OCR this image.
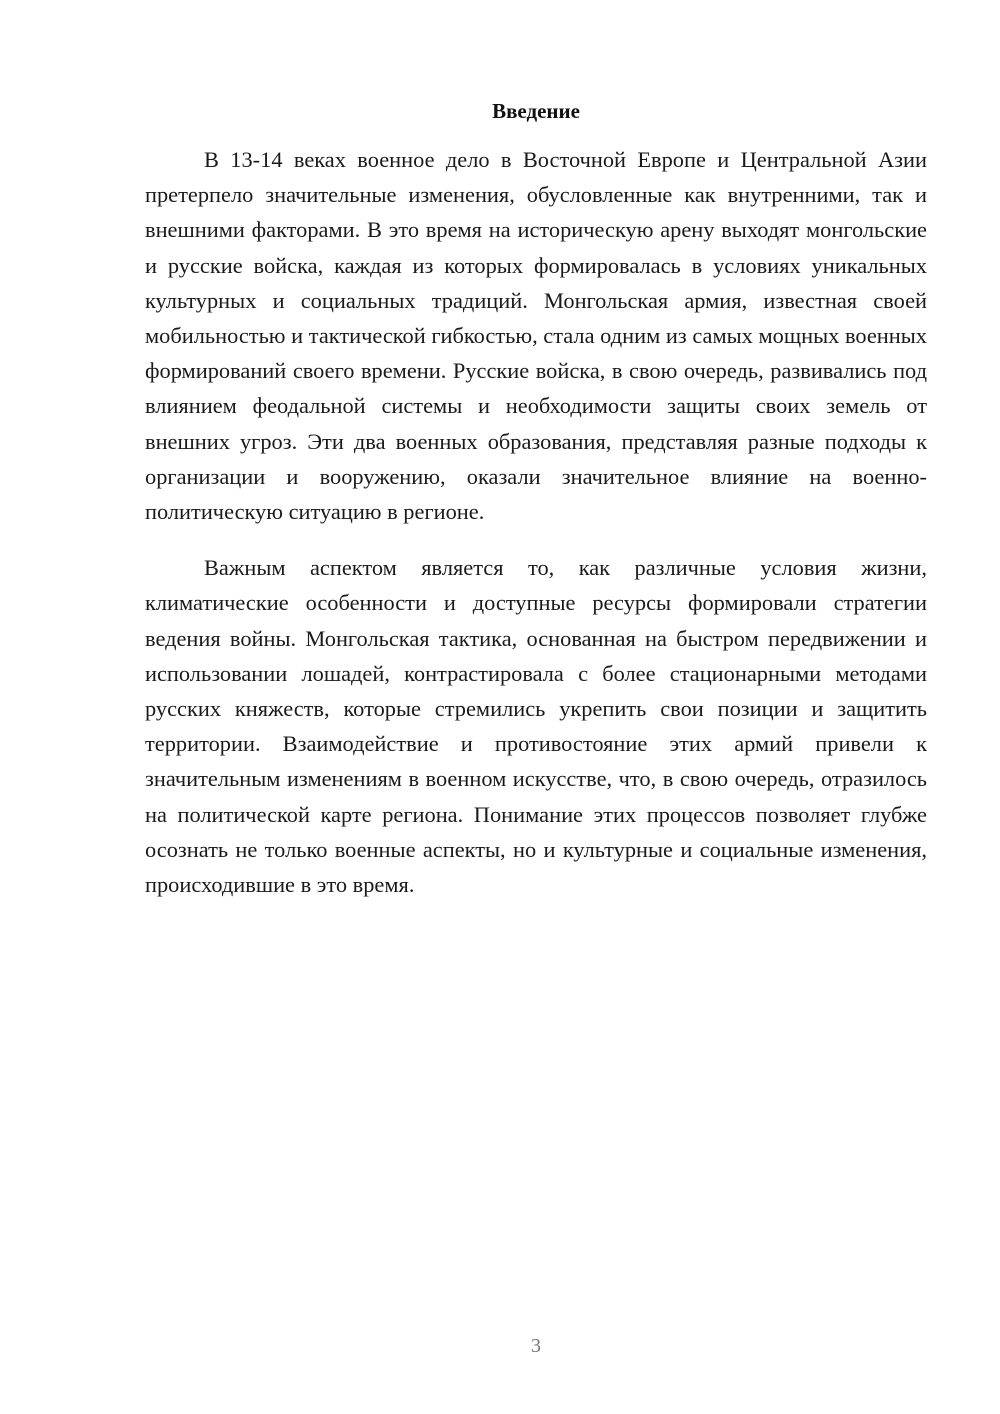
Введение

В 13-14 веках военное дело в Восточной Европе и Центральной Азии претерпело значительные изменения, обусловленные как внутренними, так и внешними факторами. В это время на историческую арену выходят монгольские и русские войска, каждая из которых формировалась в условиях уникальных культурных и социальных традиций. Монгольская армия, известная своей мобильностью и тактической гибкостью, стала одним из самых мощных военных формирований своего времени. Русские войска, в свою очередь, развивались под влиянием феодальной системы и необходимости защиты своих земель от внешних угроз. Эти два военных образования, представляя разные подходы к организации и вооружению, оказали значительное влияние на военно-политическую ситуацию в регионе.

Важным аспектом является то, как различные условия жизни, климатические особенности и доступные ресурсы формировали стратегии ведения войны. Монгольская тактика, основанная на быстром передвижении и использовании лошадей, контрастировала с более стационарными методами русских княжеств, которые стремились укрепить свои позиции и защитить территории. Взаимодействие и противостояние этих армий привели к значительным изменениям в военном искусстве, что, в свою очередь, отразилось на политической карте региона. Понимание этих процессов позволяет глубже осознать не только военные аспекты, но и культурные и социальные изменения, происходившие в это время.

3
